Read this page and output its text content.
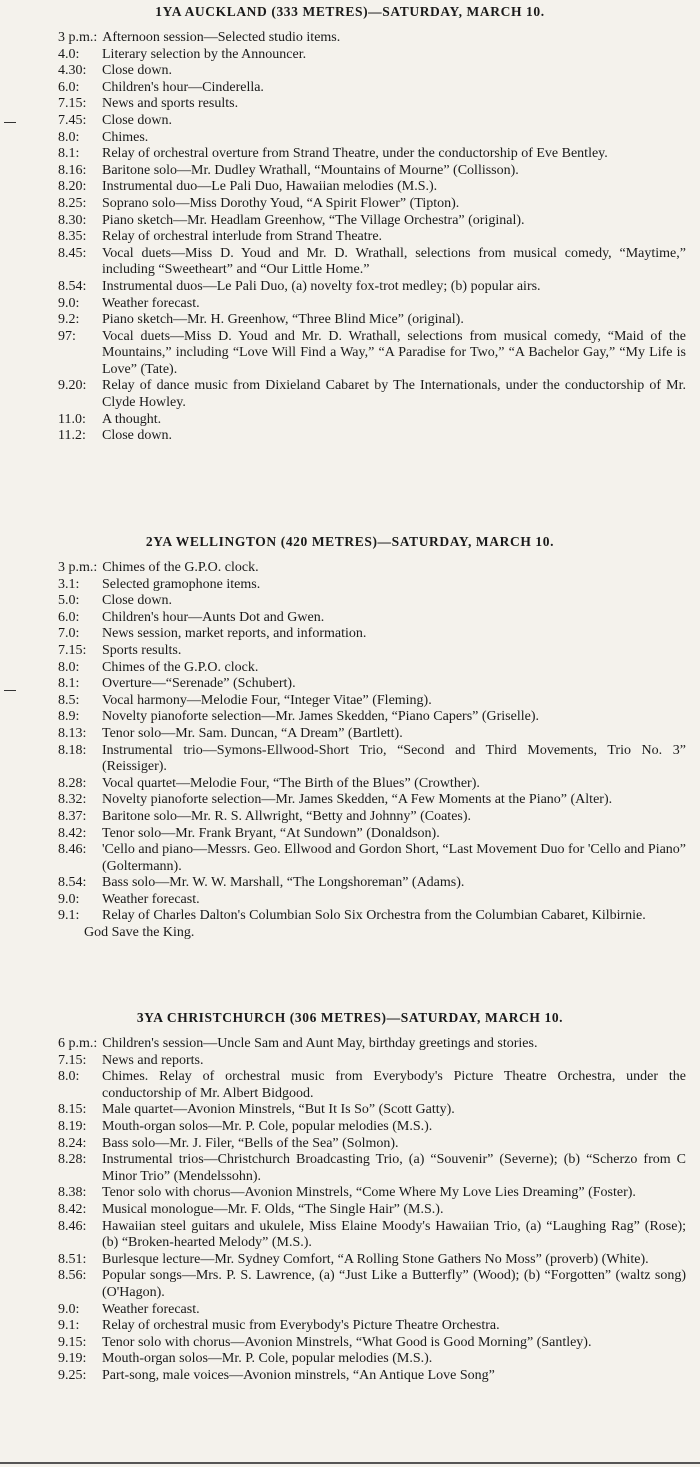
1YA AUCKLAND (333 METRES)—SATURDAY, MARCH 10.
3 p.m.: Afternoon session—Selected studio items.
4.0:	Literary selection by the Announcer.
4.30:	Close down.
6.0:	Children's hour—Cinderella.
7.15:	News and sports results.
7.45:	Close down.
8.0:	Chimes.
8.1:	Relay of orchestral overture from Strand Theatre, under the conductorship of Eve Bentley.
8.16:	Baritone solo—Mr. Dudley Wrathall, “Mountains of Mourne” (Collisson).
8.20:	Instrumental duo—Le Pali Duo, Hawaiian melodies (M.S.).
8.25:	Soprano solo—Miss Dorothy Youd, “A Spirit Flower” (Tipton).
8.30:	Piano sketch—Mr. Headlam Greenhow, “The Village Orchestra” (original).
8.35:	Relay of orchestral interlude from Strand Theatre.
8.45:	Vocal duets—Miss D. Youd and Mr. D. Wrathall, selections from musical comedy, “Maytime,” including “Sweetheart” and “Our Little Home.”
8.54:	Instrumental duos—Le Pali Duo, (a) novelty fox-trot medley; (b) popular airs.
9.0:	Weather forecast.
9.2:	Piano sketch—Mr. H. Greenhow, “Three Blind Mice” (original).
97:	Vocal duets—Miss D. Youd and Mr. D. Wrathall, selections from musical comedy, “Maid of the Mountains,” including “Love Will Find a Way,” “A Paradise for Two,” “A Bachelor Gay,” “My Life is Love” (Tate).
9.20:	Relay of dance music from Dixieland Cabaret by The Internationals, under the conductorship of Mr. Clyde Howley.
11.0:	A thought.
11.2:	Close down.
2YA WELLINGTON (420 METRES)—SATURDAY, MARCH 10.
3 p.m.: Chimes of the G.P.O. clock.
3.1:	Selected gramophone items.
5.0:	Close down.
6.0:	Children's hour—Aunts Dot and Gwen.
7.0:	News session, market reports, and information.
7.15:	Sports results.
8.0:	Chimes of the G.P.O. clock.
8.1:	Overture—“Serenade” (Schubert).
8.5:	Vocal harmony—Melodie Four, “Integer Vitae” (Fleming).
8.9:	Novelty pianoforte selection—Mr. James Skedden, “Piano Capers” (Griselle).
8.13:	Tenor solo—Mr. Sam. Duncan, “A Dream” (Bartlett).
8.18:	Instrumental trio—Symons-Ellwood-Short Trio, “Second and Third Movements, Trio No. 3” (Reissiger).
8.28:	Vocal quartet—Melodie Four, “The Birth of the Blues” (Crowther).
8.32:	Novelty pianoforte selection—Mr. James Skedden, “A Few Moments at the Piano” (Alter).
8.37:	Baritone solo—Mr. R. S. Allwright, “Betty and Johnny” (Coates).
8.42:	Tenor solo—Mr. Frank Bryant, “At Sundown” (Donaldson).
8.46:	'Cello and piano—Messrs. Geo. Ellwood and Gordon Short, “Last Movement Duo for 'Cello and Piano” (Goltermann).
8.54:	Bass solo—Mr. W. W. Marshall, “The Longshoreman” (Adams).
9.0:	Weather forecast.
9.1:	Relay of Charles Dalton's Columbian Solo Six Orchestra from the Columbian Cabaret, Kilbirnie.
God Save the King.
3YA CHRISTCHURCH (306 METRES)—SATURDAY, MARCH 10.
6 p.m.: Children's session—Uncle Sam and Aunt May, birthday greetings and stories.
7.15:	News and reports.
8.0:	Chimes. Relay of orchestral music from Everybody's Picture Theatre Orchestra, under the conductorship of Mr. Albert Bidgood.
8.15:	Male quartet—Avonion Minstrels, “But It Is So” (Scott Gatty).
8.19:	Mouth-organ solos—Mr. P. Cole, popular melodies (M.S.).
8.24:	Bass solo—Mr. J. Filer, “Bells of the Sea” (Solmon).
8.28:	Instrumental trios—Christchurch Broadcasting Trio, (a) “Souvenir” (Severne); (b) “Scherzo from C Minor Trio” (Mendelssohn).
8.38:	Tenor solo with chorus—Avonion Minstrels, “Come Where My Love Lies Dreaming” (Foster).
8.42:	Musical monologue—Mr. F. Olds, “The Single Hair” (M.S.).
8.46:	Hawaiian steel guitars and ukulele, Miss Elaine Moody's Hawaiian Trio, (a) “Laughing Rag” (Rose); (b) “Broken-hearted Melody” (M.S.).
8.51:	Burlesque lecture—Mr. Sydney Comfort, “A Rolling Stone Gathers No Moss” (proverb) (White).
8.56:	Popular songs—Mrs. P. S. Lawrence, (a) “Just Like a Butterfly” (Wood); (b) “Forgotten” (waltz song) (O'Hagon).
9.0:	Weather forecast.
9.1:	Relay of orchestral music from Everybody's Picture Theatre Orchestra.
9.15:	Tenor solo with chorus—Avonion Minstrels, “What Good is Good Morning” (Santley).
9.19:	Mouth-organ solos—Mr. P. Cole, popular melodies (M.S.).
9.25:	Part-song, male voices—Avonion minstrels, “An Antique Love Song”
